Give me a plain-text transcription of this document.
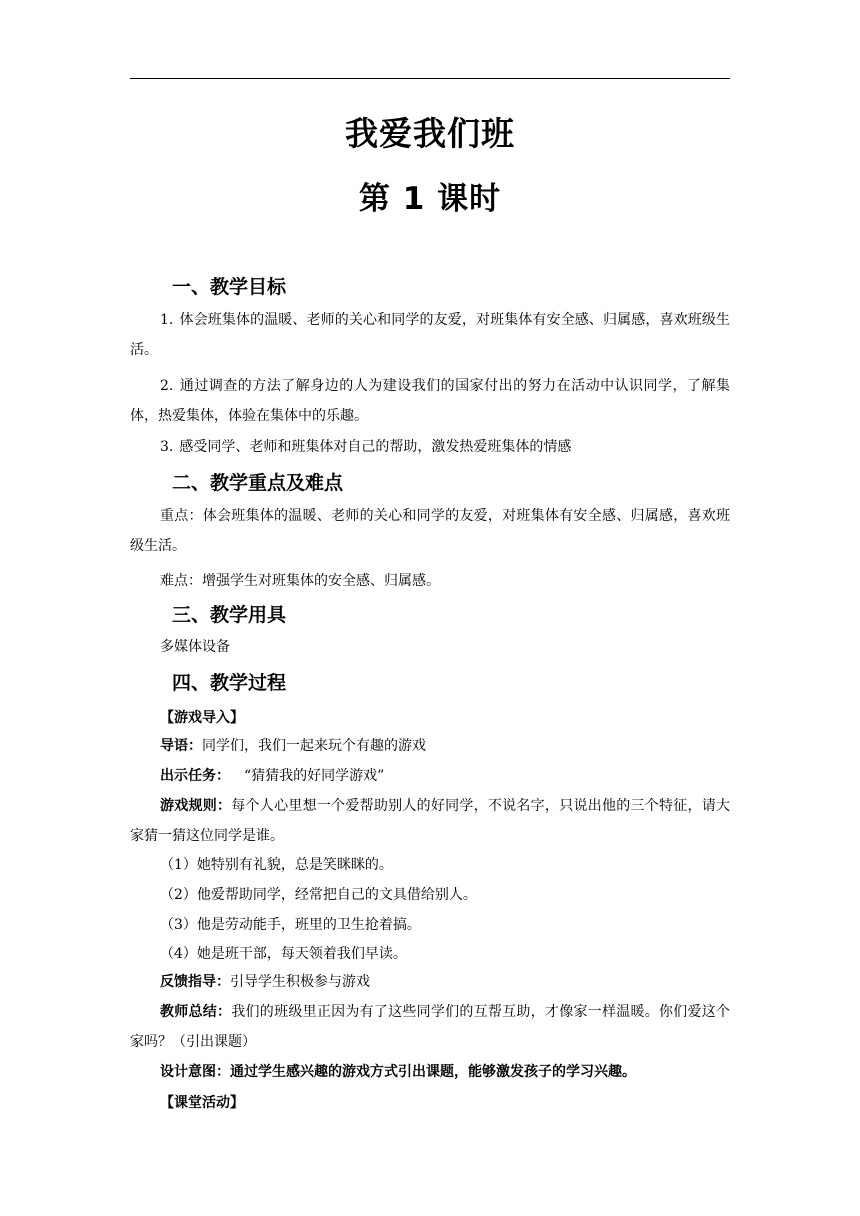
我爱我们班
第 1 课时
一、教学目标
1. 体会班集体的温暖、老师的关心和同学的友爱，对班集体有安全感、归属感，喜欢班级生活。
2. 通过调查的方法了解身边的人为建设我们的国家付出的努力在活动中认识同学，了解集体，热爱集体，体验在集体中的乐趣。
3. 感受同学、老师和班集体对自己的帮助，激发热爱班集体的情感
二、教学重点及难点
重点：体会班集体的温暖、老师的关心和同学的友爱，对班集体有安全感、归属感，喜欢班级生活。
难点：增强学生对班集体的安全感、归属感。
三、教学用具
多媒体设备
四、教学过程
【游戏导入】
导语：同学们，我们一起来玩个有趣的游戏
出示任务： “猜猜我的好同学游戏”
游戏规则：每个人心里想一个爱帮助别人的好同学，不说名字，只说出他的三个特征，请大家猜一猜这位同学是谁。
（1）她特别有礼貌，总是笑眯眯的。
（2）他爱帮助同学，经常把自己的文具借给别人。
（3）他是劳动能手，班里的卫生抢着搞。
（4）她是班干部，每天领着我们早读。
反馈指导：引导学生积极参与游戏
教师总结：我们的班级里正因为有了这些同学们的互帮互助，才像家一样温暖。你们爱这个家吗？（引出课题）
设计意图：通过学生感兴趣的游戏方式引出课题，能够激发孩子的学习兴趣。
【课堂活动】
